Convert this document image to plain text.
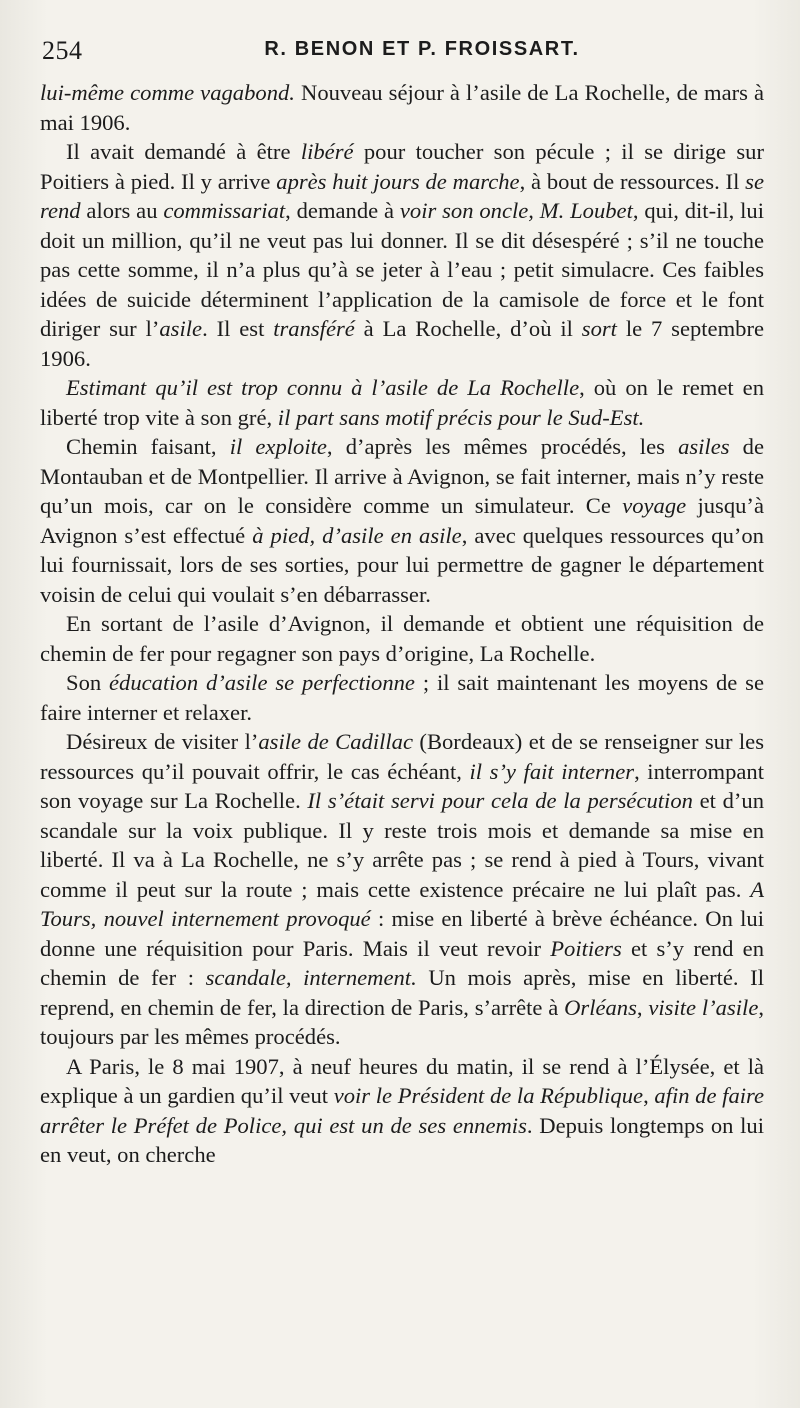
254	R. BENON ET P. FROISSART.

lui-même comme vagabond. Nouveau séjour à l’asile de La Rochelle, de mars à mai 1906.

Il avait demandé à être libéré pour toucher son pécule ; il se dirige sur Poitiers à pied. Il y arrive après huit jours de marche, à bout de ressources. Il se rend alors au commissariat, demande à voir son oncle, M. Loubet, qui, dit-il, lui doit un million, qu’il ne veut pas lui donner. Il se dit désespéré ; s’il ne touche pas cette somme, il n’a plus qu’à se jeter à l’eau ; petit simulacre. Ces faibles idées de suicide déterminent l’application de la camisole de force et le font diriger sur l’asile. Il est transféré à La Rochelle, d’où il sort le 7 septembre 1906.

Estimant qu’il est trop connu à l’asile de La Rochelle, où on le remet en liberté trop vite à son gré, il part sans motif précis pour le Sud-Est.

Chemin faisant, il exploite, d’après les mêmes procédés, les asiles de Montauban et de Montpellier. Il arrive à Avignon, se fait interner, mais n’y reste qu’un mois, car on le considère comme un simulateur. Ce voyage jusqu’à Avignon s’est effectué à pied, d’asile en asile, avec quelques ressources qu’on lui fournissait, lors de ses sorties, pour lui permettre de gagner le département voisin de celui qui voulait s’en débarrasser.

En sortant de l’asile d’Avignon, il demande et obtient une réquisition de chemin de fer pour regagner son pays d’origine, La Rochelle.

Son éducation d’asile se perfectionne ; il sait maintenant les moyens de se faire interner et relaxer.

Désireux de visiter l’asile de Cadillac (Bordeaux) et de se renseigner sur les ressources qu’il pouvait offrir, le cas échéant, il s’y fait interner, interrompant son voyage sur La Rochelle. Il s’était servi pour cela de la persécution et d’un scandale sur la voix publique. Il y reste trois mois et demande sa mise en liberté. Il va à La Rochelle, ne s’y arrête pas ; se rend à pied à Tours, vivant comme il peut sur la route ; mais cette existence précaire ne lui plaît pas. A Tours, nouvel internement provoqué : mise en liberté à brève échéance. On lui donne une réquisition pour Paris. Mais il veut revoir Poitiers et s’y rend en chemin de fer : scandale, internement. Un mois après, mise en liberté. Il reprend, en chemin de fer, la direction de Paris, s’arrête à Orléans, visite l’asile, toujours par les mêmes procédés.

A Paris, le 8 mai 1907, à neuf heures du matin, il se rend à l’Élysée, et là explique à un gardien qu’il veut voir le Président de la République, afin de faire arrêter le Préfet de Police, qui est un de ses ennemis. Depuis longtemps on lui en veut, on cherche
